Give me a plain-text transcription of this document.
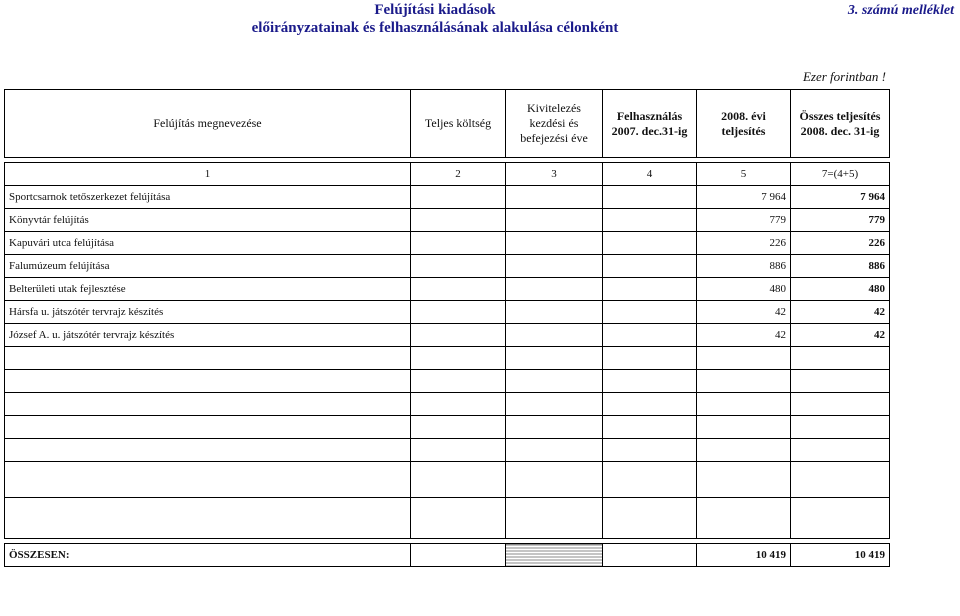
Felújítási kiadások
előirányzatainak és felhasználásának alakulása célonként
3. számú melléklet
Ezer forintban !
Felújítás megnevezése	Teljes költség	Kivitelezés kezdési és befejezési éve	Felhasználás 2007. dec.31-ig	2008. évi teljesítés	Összes teljesítés 2008. dec. 31-ig

1	2	3	4	5	7=(4+5)
Sportcsarnok tetőszerkezet felújítása				7 964	7 964
Könyvtár felújítás				779	779
Kapuvári utca felújítása				226	226
Falumúzeum felújítása				886	886
Belterületi utak fejlesztése				480	480
Hársfa u. játszótér tervrajz készítés				42	42
József A. u. játszótér tervrajz készítés				42	42

ÖSSZESEN:				10 419	10 419
